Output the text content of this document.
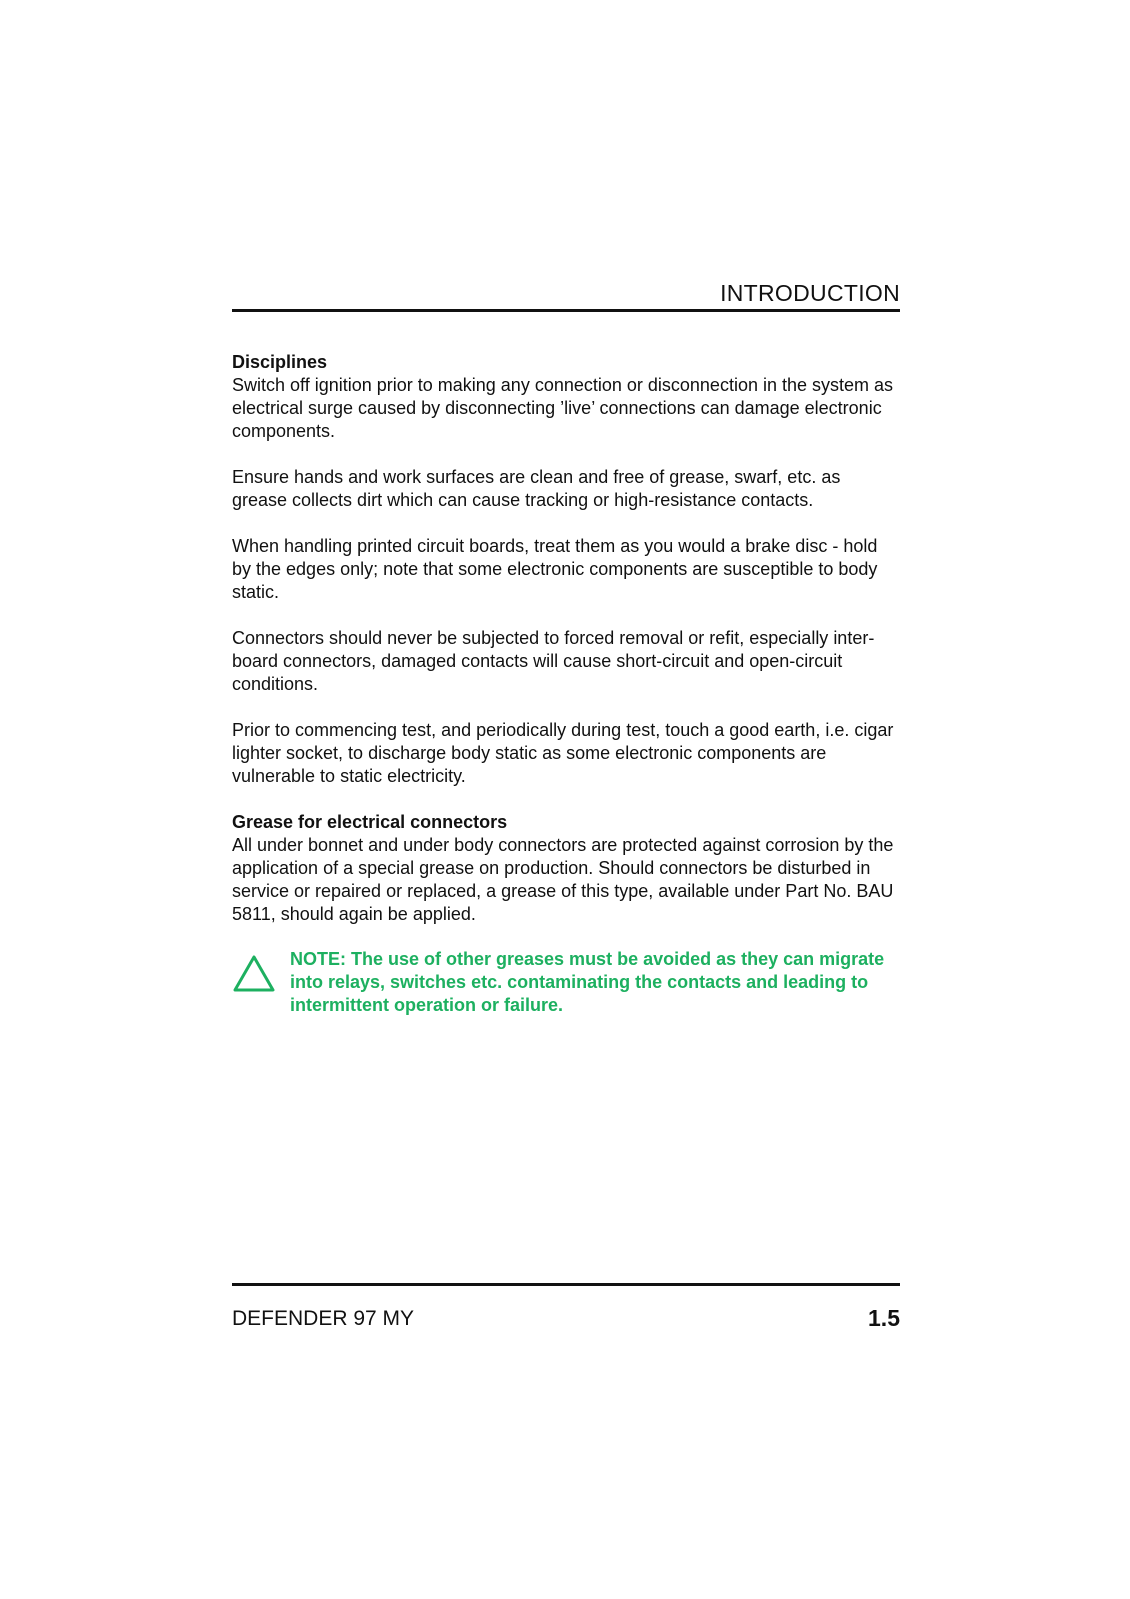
INTRODUCTION
Disciplines

Switch off ignition prior to making any connection or disconnection in the system as electrical surge caused by disconnecting ’live’ connections can damage electronic components.

Ensure hands and work surfaces are clean and free of grease, swarf, etc. as grease collects dirt which can cause tracking or high-resistance contacts.

When handling printed circuit boards, treat them as you would a brake disc - hold by the edges only; note that some electronic components are susceptible to body static.

Connectors should never be subjected to forced removal or refit, especially inter-board connectors, damaged contacts will cause short-circuit and open-circuit conditions.

Prior to commencing test, and periodically during test, touch a good earth, i.e. cigar lighter socket, to discharge body static as some electronic components are vulnerable to static electricity.

Grease for electrical connectors

All under bonnet and under body connectors are protected against corrosion by the application of a special grease on production. Should connectors be disturbed in service or repaired or replaced, a grease of this type, available under Part No. BAU 5811, should again be applied.

NOTE: The use of other greases must be avoided as they can migrate into relays, switches etc. contaminating the contacts and leading to intermittent operation or failure.

DEFENDER 97 MY	1.5
